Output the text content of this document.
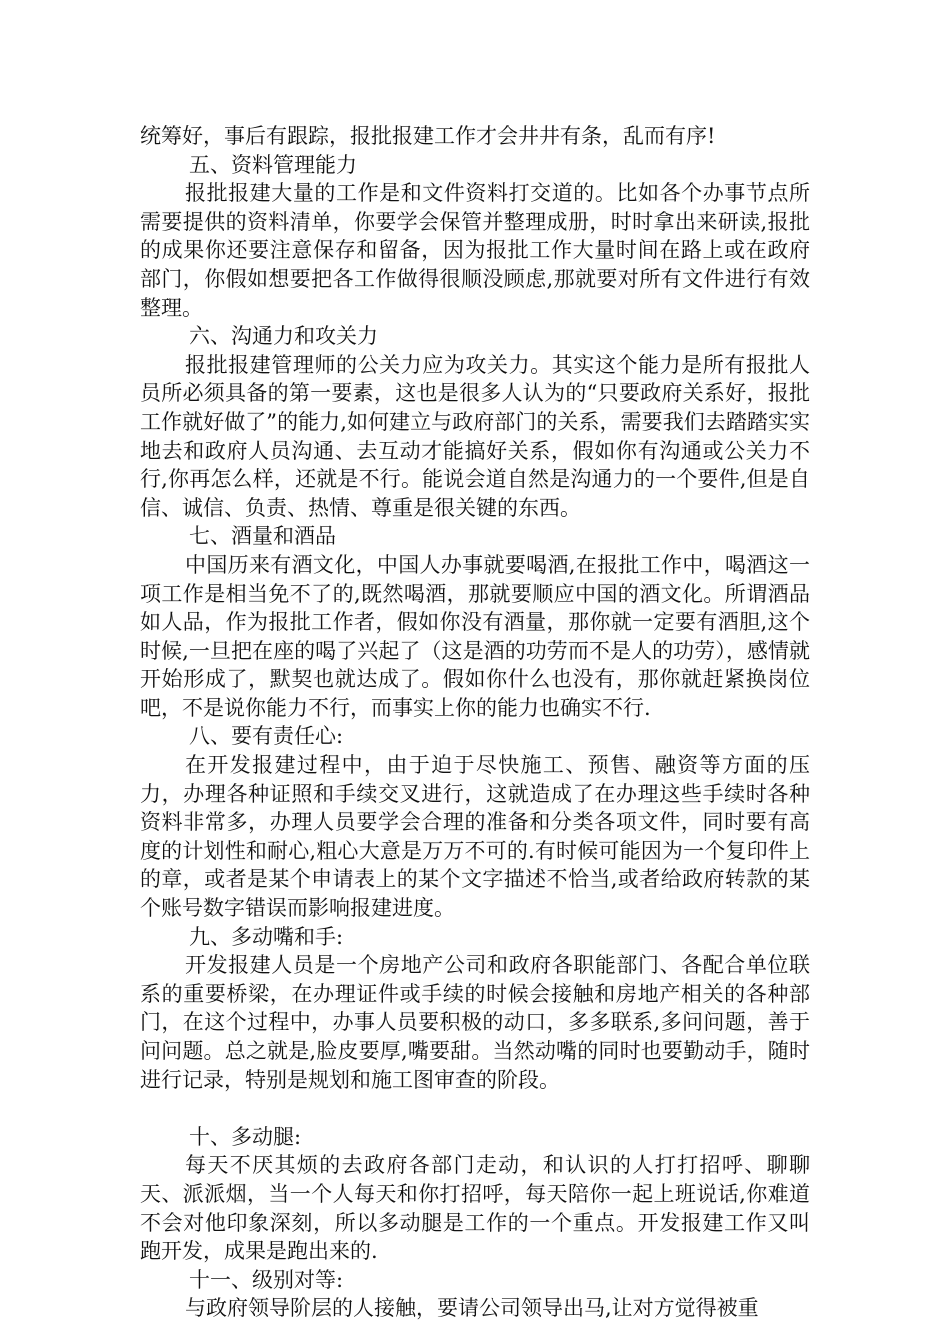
统筹好，事后有跟踪，报批报建工作才会井井有条，乱而有序!

五、资料管理能力

报批报建大量的工作是和文件资料打交道的。比如各个办事节点所需要提供的资料清单，你要学会保管并整理成册，时时拿出来研读,报批的成果你还要注意保存和留备，因为报批工作大量时间在路上或在政府部门，你假如想要把各工作做得很顺没顾虑,那就要对所有文件进行有效整理。

六、沟通力和攻关力

报批报建管理师的公关力应为攻关力。其实这个能力是所有报批人员所必须具备的第一要素，这也是很多人认为的“只要政府关系好，报批工作就好做了”的能力,如何建立与政府部门的关系，需要我们去踏踏实实地去和政府人员沟通、去互动才能搞好关系，假如你有沟通或公关力不行,你再怎么样，还就是不行。能说会道自然是沟通力的一个要件,但是自信、诚信、负责、热情、尊重是很关键的东西。

七、酒量和酒品

中国历来有酒文化，中国人办事就要喝酒,在报批工作中，喝酒这一项工作是相当免不了的,既然喝酒，那就要顺应中国的酒文化。所谓酒品如人品，作为报批工作者，假如你没有酒量，那你就一定要有酒胆,这个时候,一旦把在座的喝了兴起了（这是酒的功劳而不是人的功劳），感情就开始形成了，默契也就达成了。假如你什么也没有，那你就赶紧换岗位吧，不是说你能力不行，而事实上你的能力也确实不行.

八、要有责任心:

在开发报建过程中，由于迫于尽快施工、预售、融资等方面的压力，办理各种证照和手续交叉进行，这就造成了在办理这些手续时各种资料非常多，办理人员要学会合理的准备和分类各项文件，同时要有高度的计划性和耐心,粗心大意是万万不可的.有时候可能因为一个复印件上的章，或者是某个申请表上的某个文字描述不恰当,或者给政府转款的某个账号数字错误而影响报建进度。

九、多动嘴和手:

开发报建人员是一个房地产公司和政府各职能部门、各配合单位联系的重要桥梁，在办理证件或手续的时候会接触和房地产相关的各种部门，在这个过程中，办事人员要积极的动口，多多联系,多问问题，善于问问题。总之就是,脸皮要厚,嘴要甜。当然动嘴的同时也要勤动手，随时进行记录，特别是规划和施工图审查的阶段。

十、多动腿:

每天不厌其烦的去政府各部门走动，和认识的人打打招呼、聊聊天、派派烟，当一个人每天和你打招呼，每天陪你一起上班说话,你难道不会对他印象深刻，所以多动腿是工作的一个重点。开发报建工作又叫跑开发，成果是跑出来的.

十一、级别对等:

与政府领导阶层的人接触，要请公司领导出马,让对方觉得被重
